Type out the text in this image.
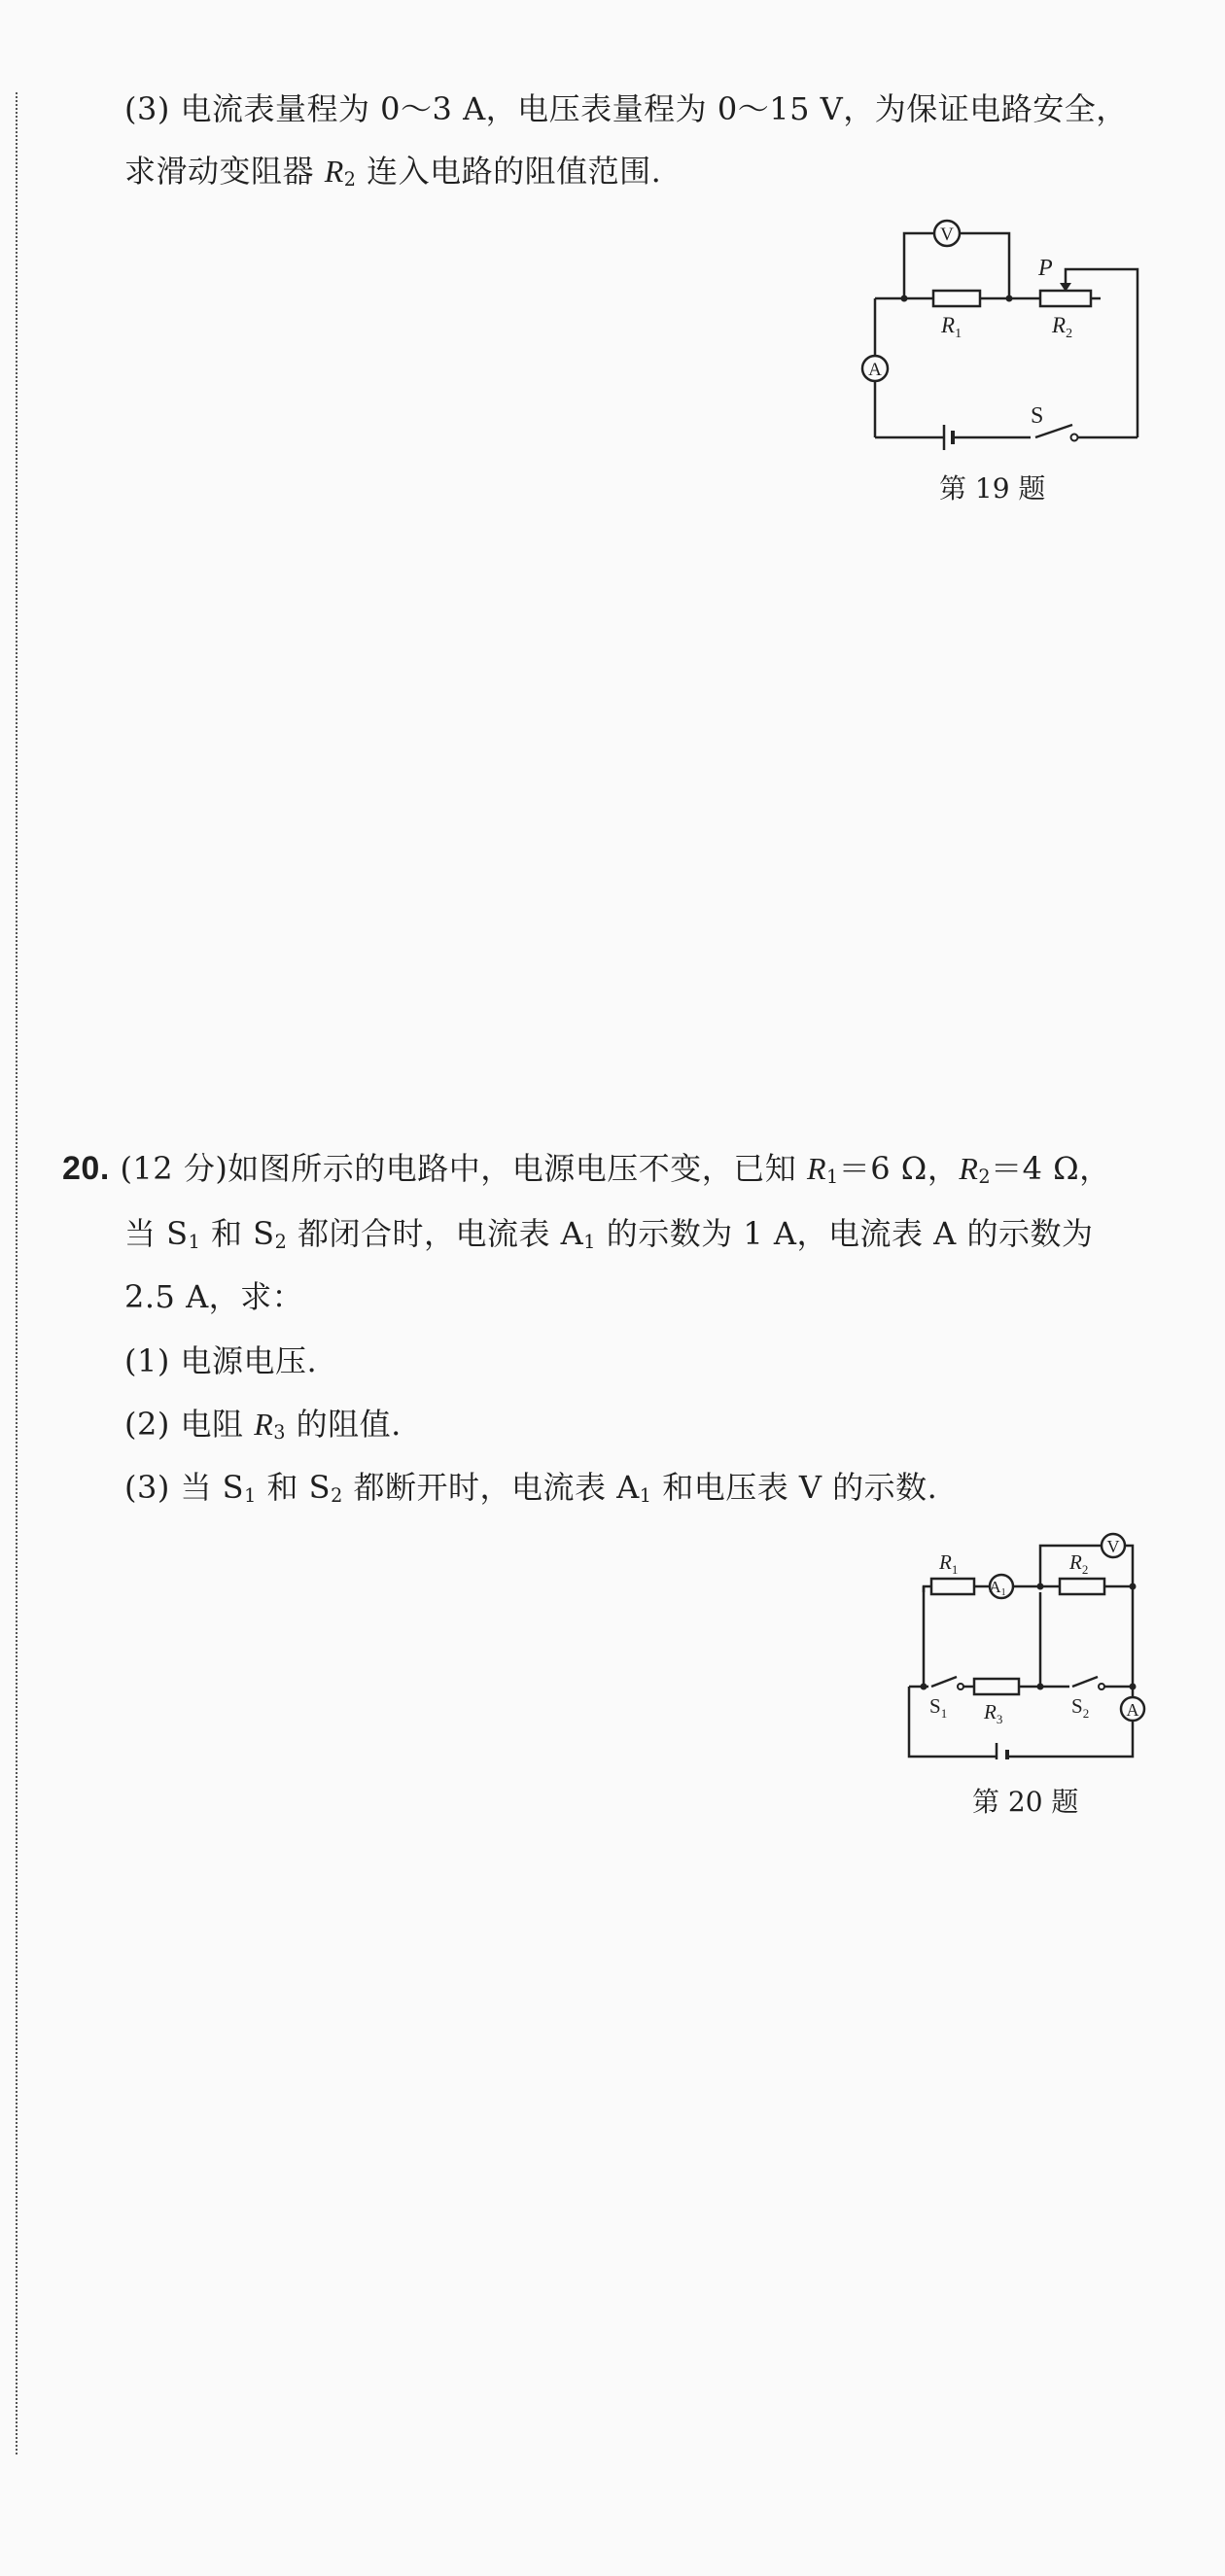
(3) 电流表量程为 0～3 A，电压表量程为 0～15 V，为保证电路安全，
求滑动变阻器 $R_2$ 连入电路的阻值范围.
V
A
$R_1$	$R_2$
P
S
第 19 题
20. (12 分)如图所示的电路中，电源电压不变，已知 $R_1=6$ Ω，$R_2=4$ Ω，
当 $S_1$ 和 $S_2$ 都闭合时，电流表 $A_1$ 的示数为 1 A，电流表 A 的示数为
2.5 A，求：
(1) 电源电压.
(2) 电阻 $R_3$ 的阻值.
(3) 当 $S_1$ 和 $S_2$ 都断开时，电流表 $A_1$ 和电压表 V 的示数.
V
A1
A
$R_1$	$R_2$
$R_3$
$S_1$	$S_2$
第 20 题
